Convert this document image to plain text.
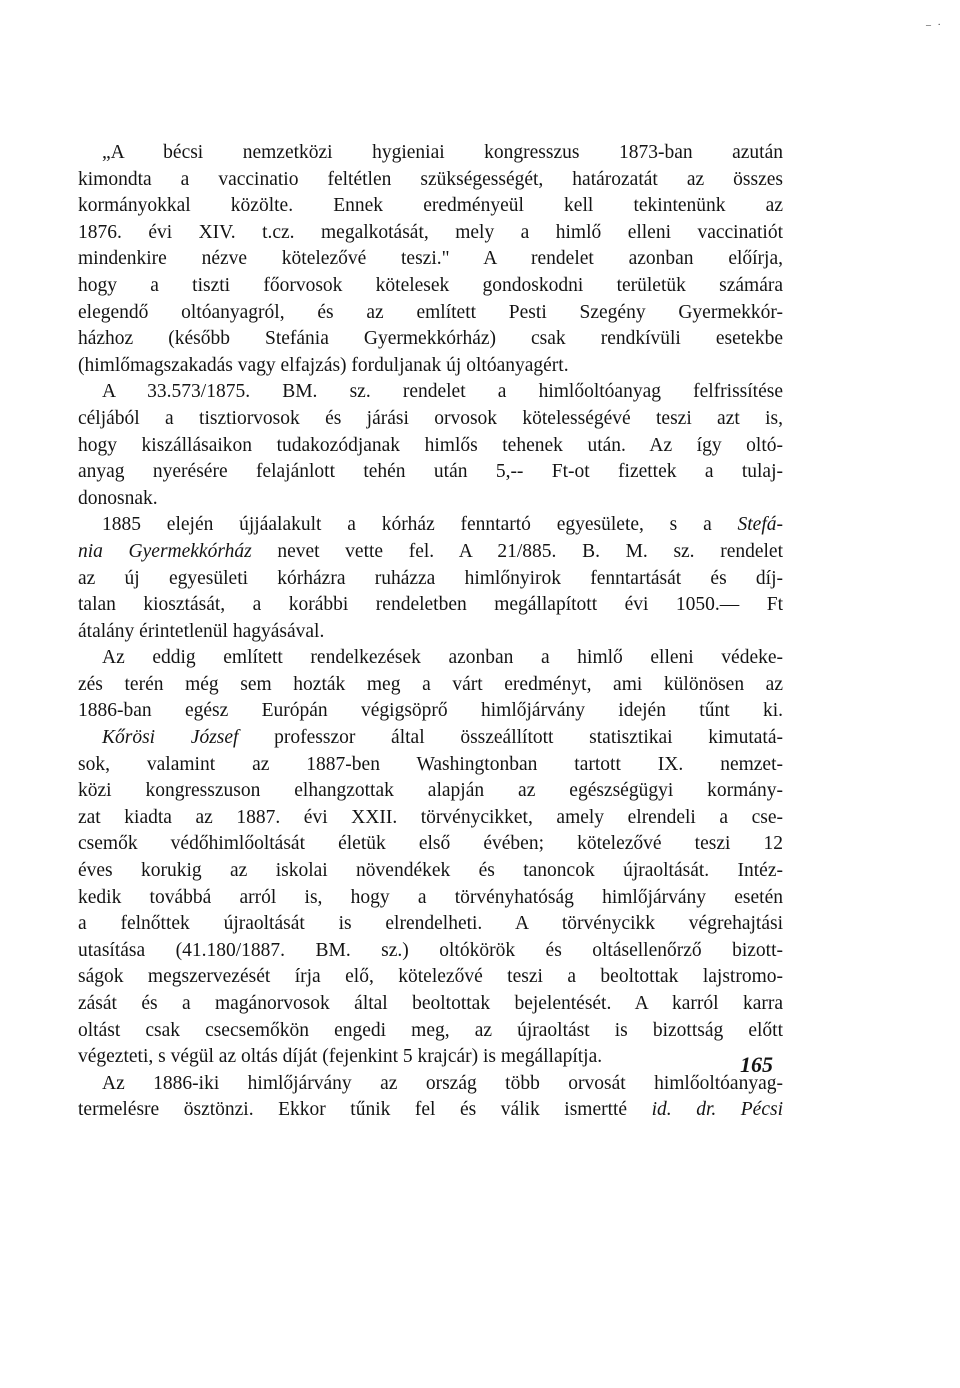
– ·
„A bécsi nemzetközi hygieniai kongresszus 1873-ban azután
kimondta a vaccinatio feltétlen szükségességét, határozatát az összes
kormányokkal közölte. Ennek eredményeül kell tekintenünk az
1876. évi XIV. t.cz. megalkotását, mely a himlő elleni vaccinatiót
mindenkire nézve kötelezővé teszi." A rendelet azonban előírja,
hogy a tiszti főorvosok kötelesek gondoskodni területük számára
elegendő oltóanyagról, és az említett Pesti Szegény Gyermekkór-
házhoz (később Stefánia Gyermekkórház) csak rendkívüli esetekbe
(himlőmagszakadás vagy elfajzás) forduljanak új oltóanyagért.
A 33.573/1875. BM. sz. rendelet a himlőoltóanyag felfrissítése
céljából a tisztiorvosok és járási orvosok kötelességévé teszi azt is,
hogy kiszállásaikon tudakozódjanak himlős tehenek után. Az így oltó-
anyag nyerésére felajánlott tehén után 5,-- Ft-ot fizettek a tulaj-
donosnak.
1885 elején újjáalakult a kórház fenntartó egyesülete, s a Stefá-
nia Gyermekkórház nevet vette fel. A 21/885. B. M. sz. rendelet
az új egyesületi kórházra ruházza himlőnyirok fenntartását és díj-
talan kiosztását, a korábbi rendeletben megállapított évi 1050.— Ft
átalány érintetlenül hagyásával.
Az eddig említett rendelkezések azonban a himlő elleni védeke-
zés terén még sem hozták meg a várt eredményt, ami különösen az
1886-ban egész Európán végigsöprő himlőjárvány idején tűnt ki.
Kőrösi József professzor által összeállított statisztikai kimutatá-
sok, valamint az 1887-ben Washingtonban tartott IX. nemzet-
közi kongresszuson elhangzottak alapján az egészségügyi kormány-
zat kiadta az 1887. évi XXII. törvénycikket, amely elrendeli a cse-
csemők védőhimlőoltását életük első évében; kötelezővé teszi 12
éves korukig az iskolai növendékek és tanoncok újraoltását. Intéz-
kedik továbbá arról is, hogy a törvényhatóság himlőjárvány esetén
a felnőttek újraoltását is elrendelheti. A törvénycikk végrehajtási
utasítása (41.180/1887. BM. sz.) oltókörök és oltásellenőrző bizott-
ságok megszervezését írja elő, kötelezővé teszi a beoltottak lajstromo-
zását és a magánorvosok által beoltottak bejelentését. A karról karra
oltást csak csecsemőkön engedi meg, az újraoltást is bizottság előtt
végezteti, s végül az oltás díját (fejenkint 5 krajcár) is megállapítja.
Az 1886-iki himlőjárvány az ország több orvosát himlőoltóanyag-
termelésre ösztönzi. Ekkor tűnik fel és válik ismertté id. dr. Pécsi
165
